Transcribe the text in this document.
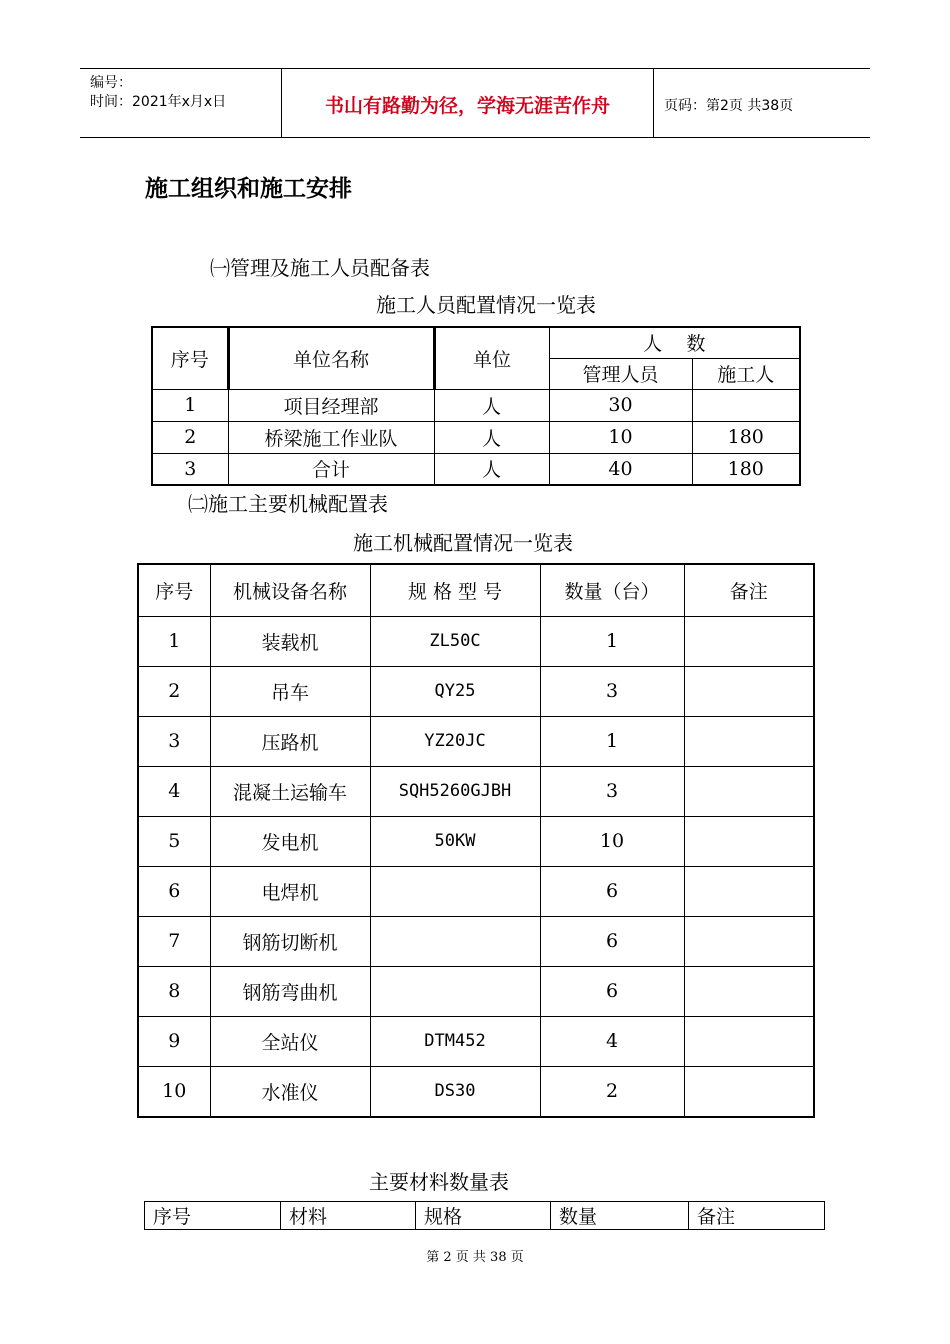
编号：
时间：2021年x月x日	书山有路勤为径，学海无涯苦作舟	页码：第2页 共38页
施工组织和施工安排
㈠管理及施工人员配备表
施工人员配置情况一览表
序号	单位名称	单位	人    数	
			管理人员	施工人
1	项目经理部	人	30	
2	桥梁施工作业队	人	10	180
3	合计	人	40	180
㈡施工主要机械配置表
施工机械配置情况一览表
序号	机械设备名称	规 格 型 号	数量（台）	备注
1	装载机	ZL50C	1	
2	吊车	QY25	3	
3	压路机	YZ20JC	1	
4	混凝土运输车	SQH5260GJBH	3	
5	发电机	50KW	10	
6	电焊机		6	
7	钢筋切断机		6	
8	钢筋弯曲机		6	
9	全站仪	DTM452	4	
10	水准仪	DS30	2	
主要材料数量表
序号	材料	规格	数量	备注
第 2 页 共 38 页
